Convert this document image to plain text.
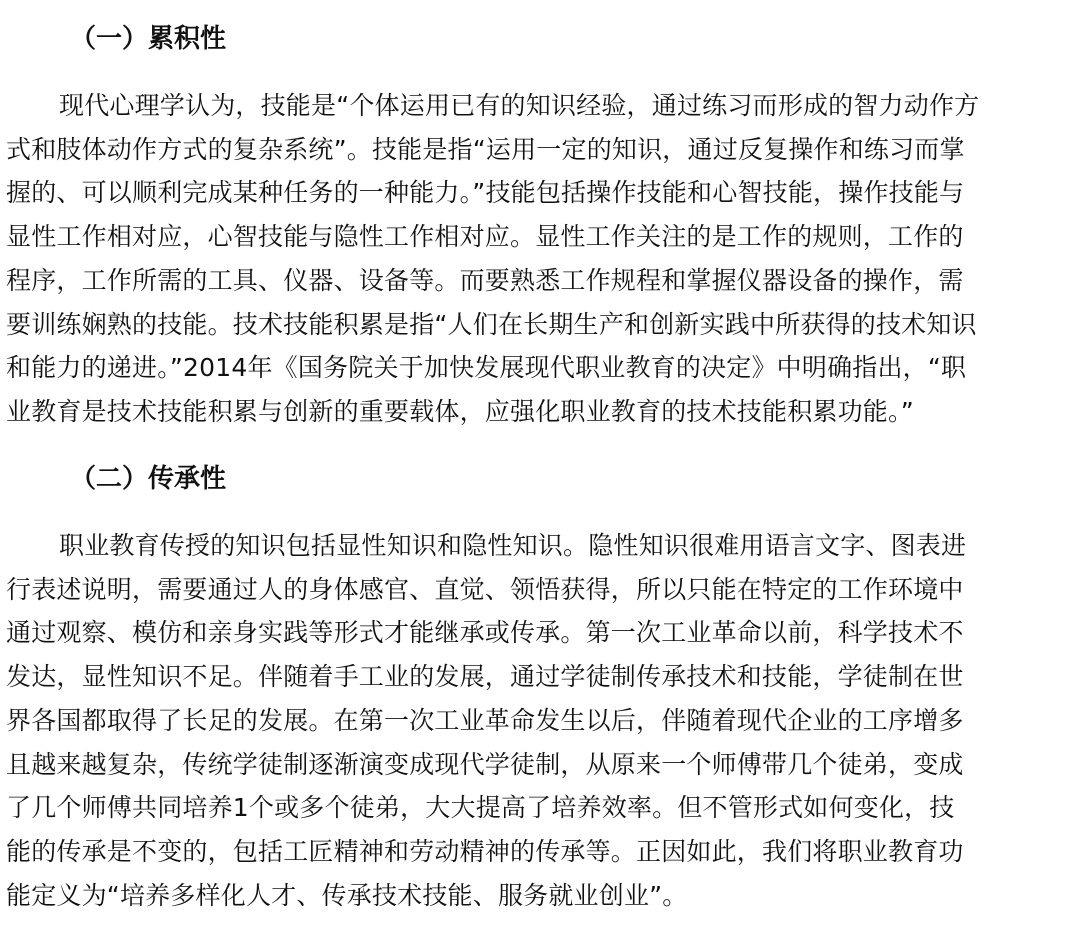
（一）累积性
现代心理学认为，技能是“个体运用已有的知识经验，通过练习而形成的智力动作方
式和肢体动作方式的复杂系统”。技能是指“运用一定的知识，通过反复操作和练习而掌
握的、可以顺利完成某种任务的一种能力。”技能包括操作技能和心智技能，操作技能与
显性工作相对应，心智技能与隐性工作相对应。显性工作关注的是工作的规则，工作的
程序，工作所需的工具、仪器、设备等。而要熟悉工作规程和掌握仪器设备的操作，需
要训练娴熟的技能。技术技能积累是指“人们在长期生产和创新实践中所获得的技术知识
和能力的递进。”2014年《国务院关于加快发展现代职业教育的决定》中明确指出，“职
业教育是技术技能积累与创新的重要载体，应强化职业教育的技术技能积累功能。”
（二）传承性
职业教育传授的知识包括显性知识和隐性知识。隐性知识很难用语言文字、图表进
行表述说明，需要通过人的身体感官、直觉、领悟获得，所以只能在特定的工作环境中
通过观察、模仿和亲身实践等形式才能继承或传承。第一次工业革命以前，科学技术不
发达，显性知识不足。伴随着手工业的发展，通过学徒制传承技术和技能，学徒制在世
界各国都取得了长足的发展。在第一次工业革命发生以后，伴随着现代企业的工序增多
且越来越复杂，传统学徒制逐渐演变成现代学徒制，从原来一个师傅带几个徒弟，变成
了几个师傅共同培养1个或多个徒弟，大大提高了培养效率。但不管形式如何变化，技
能的传承是不变的，包括工匠精神和劳动精神的传承等。正因如此，我们将职业教育功
能定义为“培养多样化人才、传承技术技能、服务就业创业”。
